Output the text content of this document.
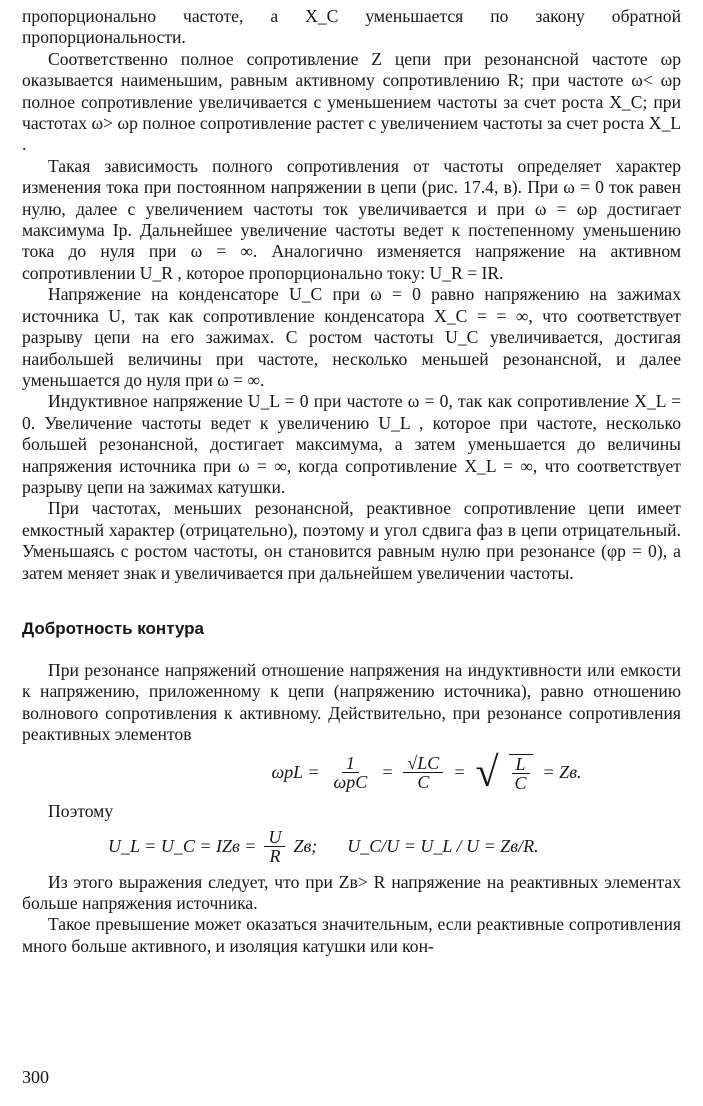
пропорционально частоте, а X_C уменьшается по закону обратной пропорциональности.

Соответственно полное сопротивление Z цепи при резонансной частоте ωр оказывается наименьшим, равным активному сопротивлению R; при частоте ω< ωр полное сопротивление увеличивается с уменьшением частоты за счет роста X_C; при частотах ω> ωр полное сопротивление растет с увеличением частоты за счет роста X_L .

Такая зависимость полного сопротивления от частоты определяет характер изменения тока при постоянном напряжении в цепи (рис. 17.4, в). При ω = 0 ток равен нулю, далее с увеличением частоты ток увеличивается и при ω = ωр достигает максимума Iр. Дальнейшее увеличение частоты ведет к постепенному уменьшению тока до нуля при ω = ∞. Аналогично изменяется напряжение на активном сопротивлении U_R , которое пропорционально току: U_R = IR.

Напряжение на конденсаторе U_C при ω = 0 равно напряжению на зажимах источника U, так как сопротивление конденсатора X_C = = ∞, что соответствует разрыву цепи на его зажимах. С ростом частоты U_C увеличивается, достигая наибольшей величины при частоте, несколько меньшей резонансной, и далее уменьшается до нуля при ω = ∞.

Индуктивное напряжение U_L = 0 при частоте ω = 0, так как сопротивление X_L = 0. Увеличение частоты ведет к увеличению U_L , которое при частоте, несколько большей резонансной, достигает максимума, а затем уменьшается до величины напряжения источника при ω = ∞, когда сопротивление X_L = ∞, что соответствует разрыву цепи на зажимах катушки.

При частотах, меньших резонансной, реактивное сопротивление цепи имеет емкостный характер (отрицательно), поэтому и угол сдвига фаз в цепи отрицательный. Уменьшаясь с ростом частоты, он становится равным нулю при резонансе (φр = 0), а затем меняет знак и увеличивается при дальнейшем увеличении частоты.

Добротность контура

При резонансе напряжений отношение напряжения на индуктивности или емкости к напряжению, приложенному к цепи (напряжению источника), равно отношению волнового сопротивления к активному. Действительно, при резонансе сопротивления реактивных элементов

$\omega рL = \frac{1}{\text{ωрC}} = \frac{√LC}{C}$ = √ $\frac{L}{C}$ = Zв.
Поэтому
U_L = U_C = IZв = $\frac{U}{R}$ Zв; U_C/U = U_L / U = Zв/R.

Из этого выражения следует, что при Zв> R напряжение на реактивных элементах больше напряжения источника.

Такое превышение может оказаться значительным, если реактивные сопротивления много больше активного, и изоляция катушки или кон-

300
